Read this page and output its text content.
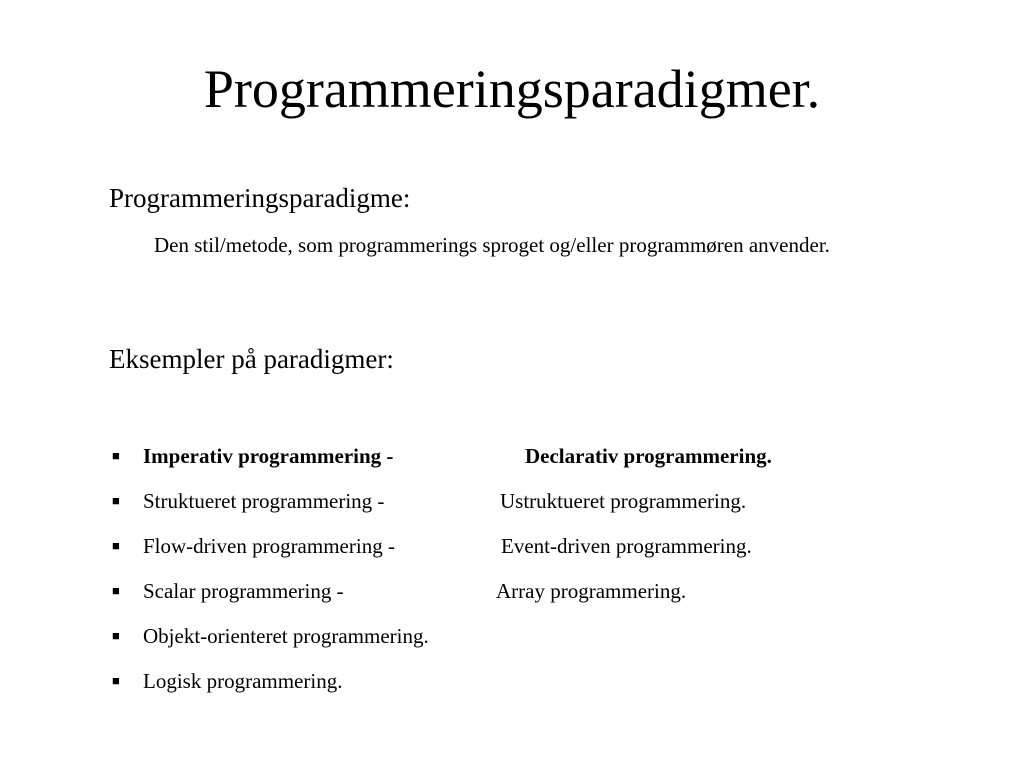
Programmeringsparadigmer.

Programmeringsparadigme:

Den stil/metode, som programmerings sproget og/eller programmøren anvender.

Eksempler på paradigmer:

■ Imperativ programmering -	Declarativ programmering.
■ Struktueret programmering -	Ustruktueret programmering.
■ Flow-driven programmering -	Event-driven programmering.
■ Scalar programmering -	Array programmering.
■ Objekt-orienteret programmering.
■ Logisk programmering.
